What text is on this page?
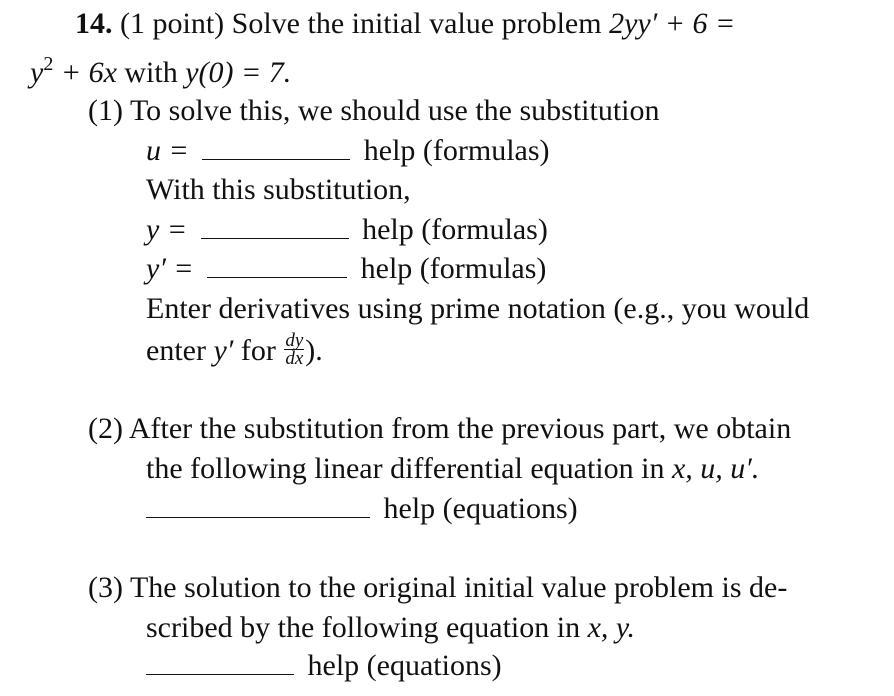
14. (1 point) Solve the initial value problem 2yy′ + 6 =
$y^2 + 6x$ with y(0) = 7.
(1) To solve this, we should use the substitution
u =	help (formulas)
With this substitution,
y =	help (formulas)
y′ =	help (formulas)
Enter derivatives using prime notation (e.g., you would
enter y′ for $\frac{dy}{dx}$ ).
(2) After the substitution from the previous part, we obtain
the following linear differential equation in x, u, u′.
help (equations)
(3) The solution to the original initial value problem is de-
scribed by the following equation in x, y.
help (equations)
